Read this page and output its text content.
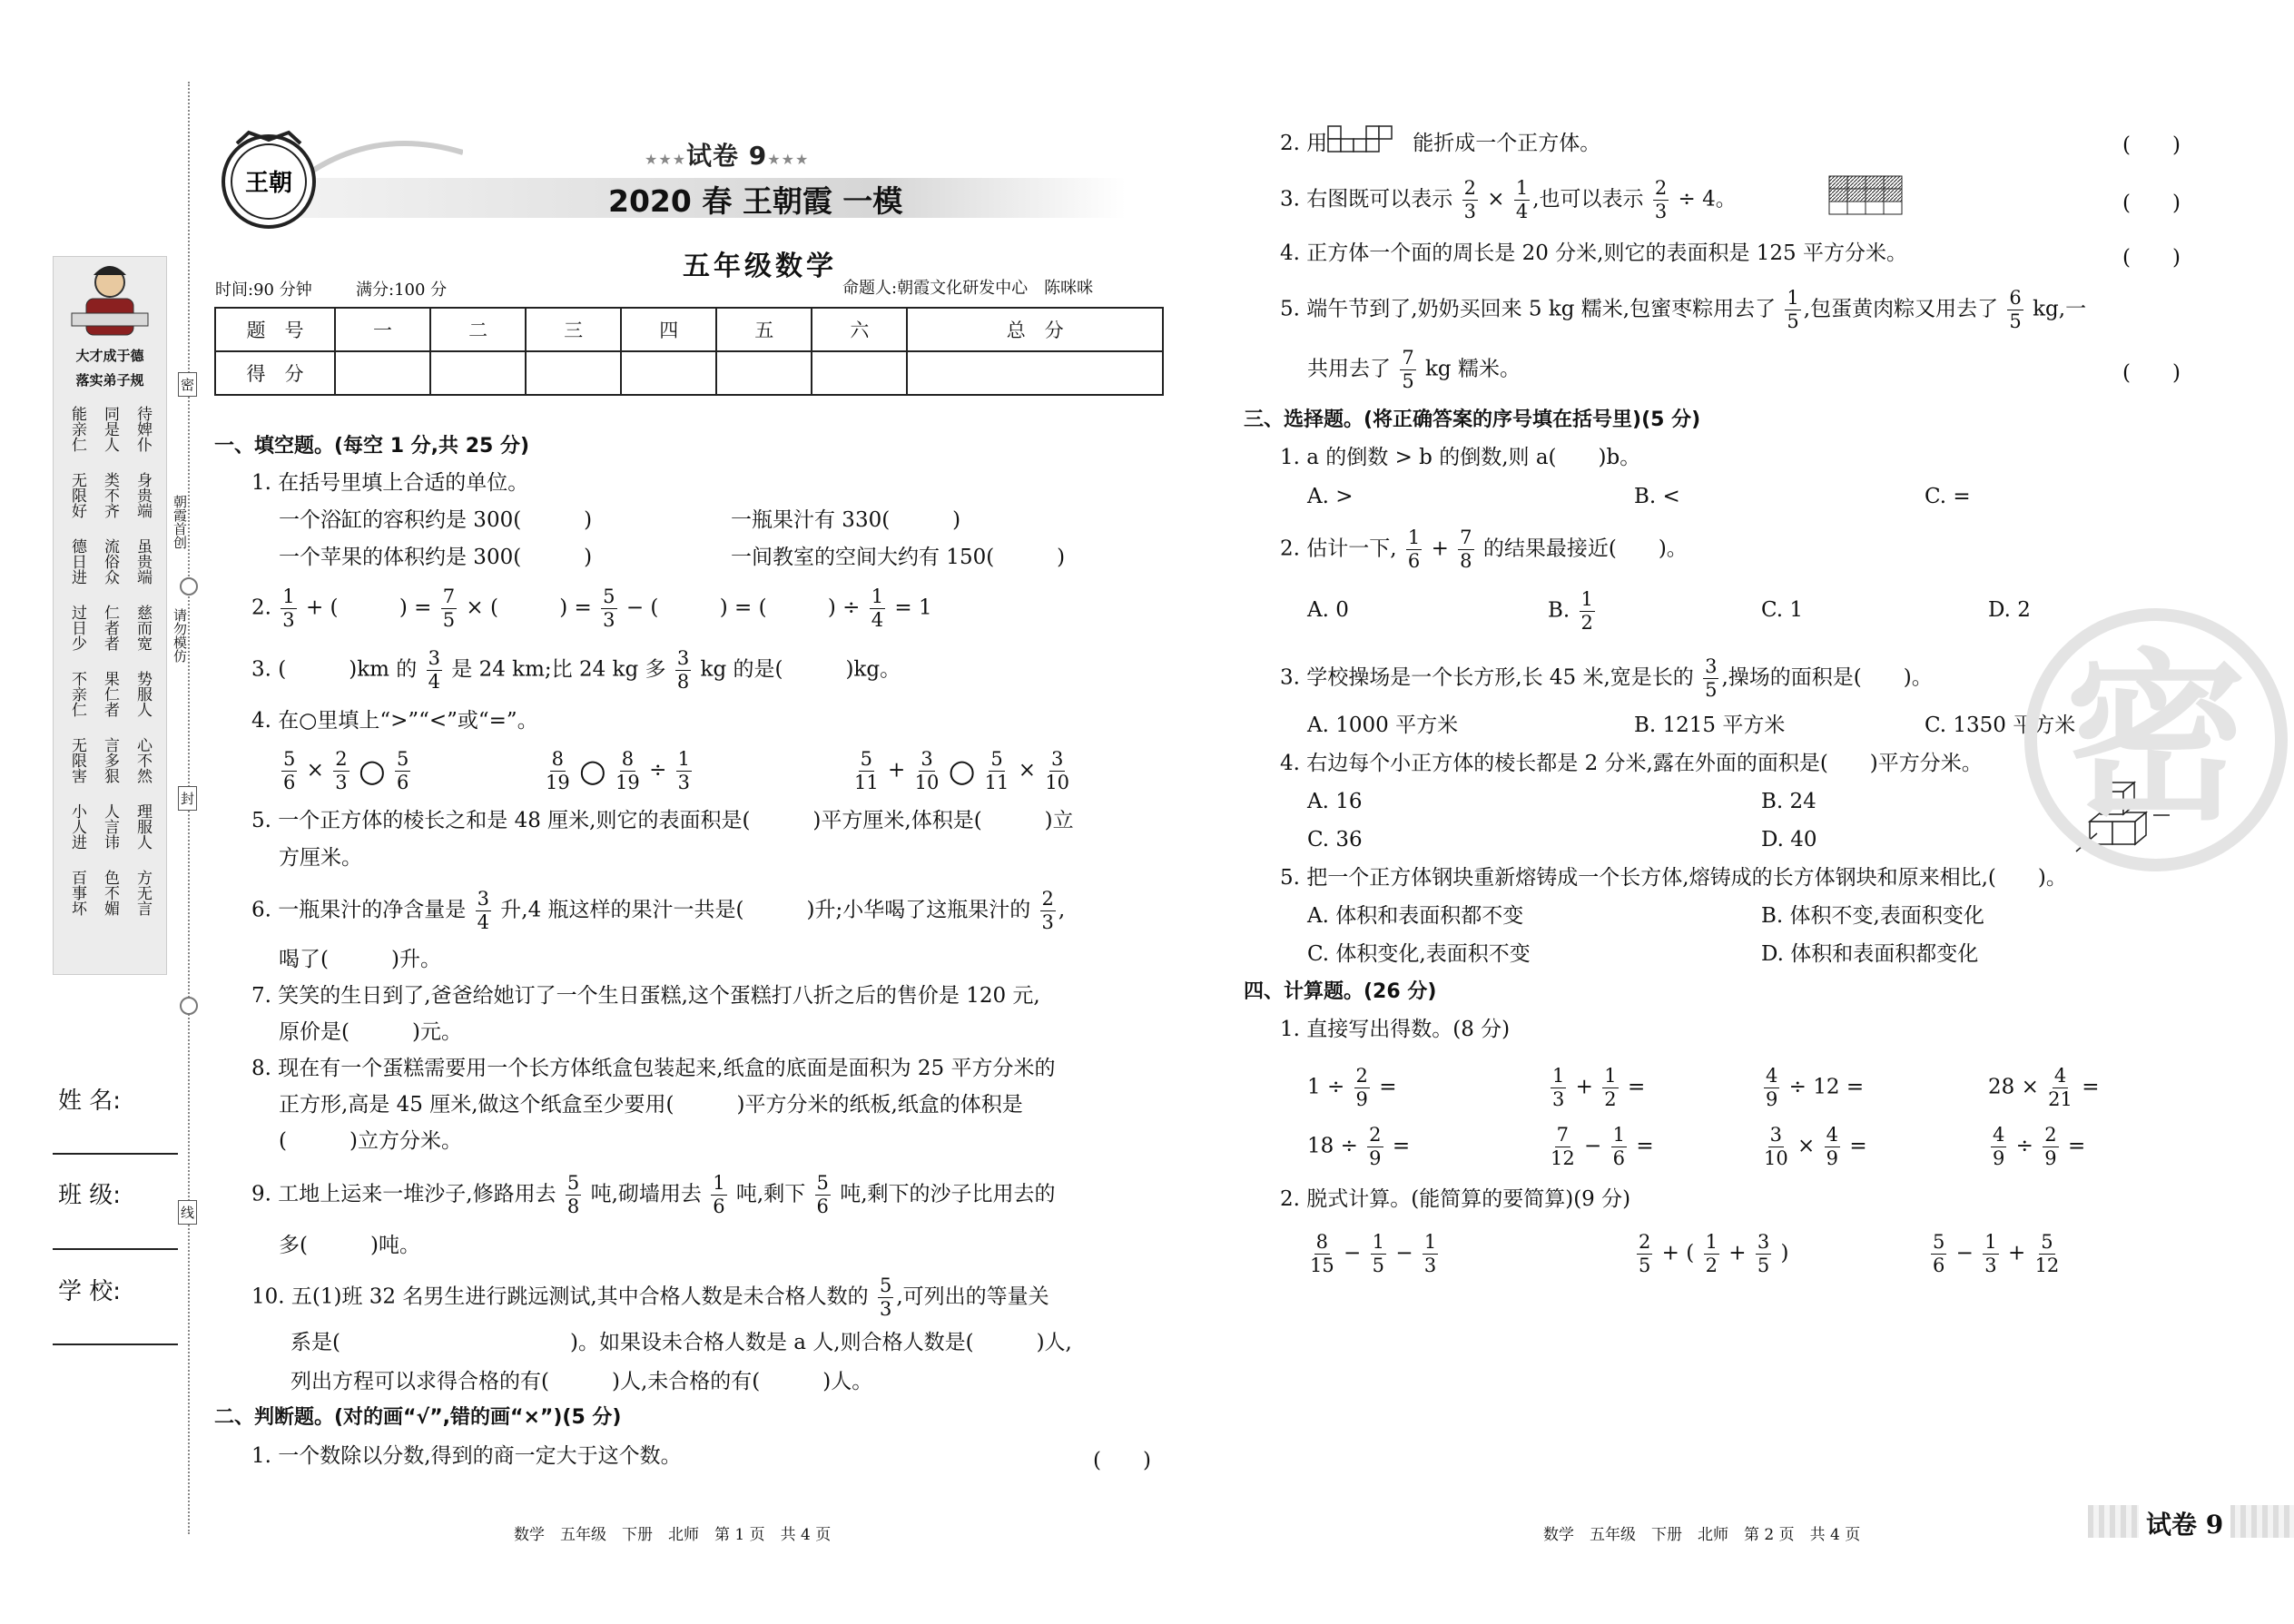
大才成于德
落实弟子规
能亲仁 同是人 待婢仆
无限好 类不齐 身贵端
德日进 流俗众 虽贵端
过日少 仁者者 慈而宽
不亲仁 果仁者 势服人
无限害 言多狠 心不然
小人进 人言讳 理服人
百事坏 色不媚 方无言
朝霞首创
请勿模仿
密
封
线
姓 名:
班 级:
学 校:
王朝
★★★试卷 9★★★
2020 春 王朝霞 一模
五年级数学
时间:90 分钟	满分:100 分	命题人:朝霞文化研发中心　陈咪咪
题　号	一	二	三	四	五	六	总　分
得　分							
一、填空题。(每空 1 分,共 25 分)
1. 在括号里填上合适的单位。
一个浴缸的容积约是 300(　　　)	一瓶果汁有 330(　　　)
一个苹果的体积约是 300(　　　)	一间教室的空间大约有 150(　　　)
2. $\frac{1}{3}$ + (	) = $\frac{7}{5}$ × (	) = $\frac{5}{3}$ − (	) = (	) ÷ $\frac{1}{4} = 1$
3. (　　　)km 的 $\frac{3}{4}$ 是 24 km;比 24 kg 多 $\frac{3}{8}$ kg 的是(　　　)kg。
4. 在○里填上“>”“<”或“=”。
$\frac{5}{6} \times \frac{2}{3}$ ○ $\frac{5}{6}$	$\frac{8}{19}$ ○ $\frac{8}{19} \div \frac{1}{3}$	$\frac{5}{11} + \frac{3}{10}$ ○ $\frac{5}{11} \times \frac{3}{10}$
5. 一个正方体的棱长之和是 48 厘米,则它的表面积是(　　　)平方厘米,体积是(　　　)立
方厘米。
6. 一瓶果汁的净含量是 $\frac{3}{4}$ 升,4 瓶这样的果汁一共是(　　　)升;小华喝了这瓶果汁的 $\frac{2}{3}$ ,
喝了(　　　)升。
7. 笑笑的生日到了,爸爸给她订了一个生日蛋糕,这个蛋糕打八折之后的售价是 120 元,
原价是(　　　)元。
8. 现在有一个蛋糕需要用一个长方体纸盒包装起来,纸盒的底面是面积为 25 平方分米的
正方形,高是 45 厘米,做这个纸盒至少要用(　　　)平方分米的纸板,纸盒的体积是
(　　　)立方分米。
9. 工地上运来一堆沙子,修路用去 $\frac{5}{8}$ 吨,砌墙用去 $\frac{1}{6}$ 吨,剩下 $\frac{5}{6}$ 吨,剩下的沙子比用去的
多(　　　)吨。
10. 五(1)班 32 名男生进行跳远测试,其中合格人数是未合格人数的 $\frac{5}{3}$ ,可列出的等量关
系是(　　　　　　　　　　　)。如果设未合格人数是 a 人,则合格人数是(　　　)人,
列出方程可以求得合格的有(　　　)人,未合格的有(　　　)人。
二、判断题。(对的画“√”,错的画“×”)(5 分)
1. 一个数除以分数,得到的商一定大于这个数。	(　　)
数学　五年级　下册　北师　第 1 页　共 4 页
2. 用	能折成一个正方体。	(　　)
3. 右图既可以表示 $\frac{2}{3} \times \frac{1}{4}$ ,也可以表示 $\frac{2}{3} \div 4$。	(　　)
4. 正方体一个面的周长是 20 分米,则它的表面积是 125 平方分米。	(　　)
5. 端午节到了,奶奶买回来 5 kg 糯米,包蜜枣粽用去了 $\frac{1}{5}$ ,包蛋黄肉粽又用去了 $\frac{6}{5}$ kg,一
共用去了 $\frac{7}{5}$ kg 糯米。	(　　)
三、选择题。(将正确答案的序号填在括号里)(5 分)
1. a 的倒数 > b 的倒数,则 a(　　)b。
A. >	B. <	C. =
2. 估计一下, $\frac{1}{6} + \frac{7}{8}$ 的结果最接近(　　)。
A. 0	B. $\frac{1}{2}$	C. 1	D. 2
3. 学校操场是一个长方形,长 45 米,宽是长的 $\frac{3}{5}$ ,操场的面积是(　　)。
A. 1000 平方米	B. 1215 平方米	C. 1350 平方米
4. 右边每个小正方体的棱长都是 2 分米,露在外面的面积是(　　)平方分米。
A. 16	B. 24
C. 36	D. 40
5. 把一个正方体钢块重新熔铸成一个长方体,熔铸成的长方体钢块和原来相比,(　　)。
A. 体积和表面积都不变	B. 体积不变,表面积变化
C. 体积变化,表面积不变	D. 体积和表面积都变化
四、计算题。(26 分)
1. 直接写出得数。(8 分)
$1 \div \frac{2}{9}$ =	$\frac{1}{3} + \frac{1}{2}$ =	$\frac{4}{9} \div 12$ =	$28 \times \frac{4}{21}$ =
$18 \div \frac{2}{9}$ =	$\frac{7}{12} - \frac{1}{6}$ =	$\frac{3}{10} \times \frac{4}{9}$ =	$\frac{4}{9} \div \frac{2}{9}$ =
2. 脱式计算。(能简算的要简算)(9 分)
$\frac{8}{15} - \frac{1}{5} - \frac{1}{3}$	$\frac{2}{5}$ + ( $\frac{1}{2} + \frac{3}{5}$ )	$\frac{5}{6} - \frac{1}{3} + \frac{5}{12}$
密
数学　五年级　下册　北师　第 2 页　共 4 页	试卷 9
